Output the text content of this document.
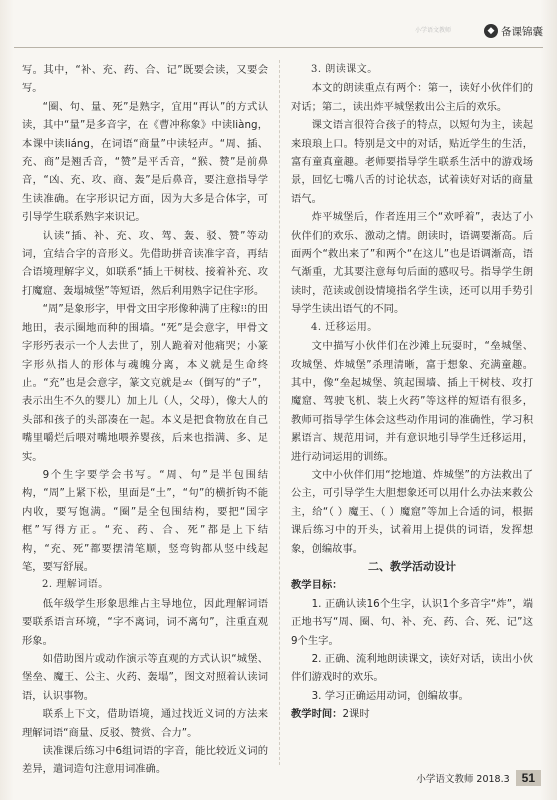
小学语文教师	◆ 备课锦囊

写。其中，“补、充、药、合、记”既要会读，又要会写。

“圈、句、量、死”是熟字，宜用“再认”的方式认读，其中“量”是多音字，在《曹冲称象》中读liàng，本课中读liáng，在词语“商量”中读轻声。“周、插、充、商”是翘舌音，“赞”是平舌音，“猴、赞”是前鼻音，“凶、充、攻、商、轰”是后鼻音，要注意指导学生读准确。在字形识记方面，因为大多是合体字，可引导学生联系熟字来识记。

认读“插、补、充、攻、驾、轰、驳、赞”等动词，宜结合字的音形义。先借助拼音读准字音，再结合语境理解字义，如联系“插上干树枝、接着补充、攻打魔窟、轰塌城堡”等短语，然后利用熟字记住字形。

“周”是象形字，甲骨文田字形像种满了庄稼⁝⁝的田地田，表示圈地而种的围墙。“死”是会意字，甲骨文字形㱙表示一个人去世了，别人跪着对他痛哭；小篆字形𣦸指人的形体与魂魄分离，本义就是生命终止。“充”也是会意字，篆文𠑽就是𠫓（倒写的“子”，表示出生不久的婴儿）加上儿（人，父母），像大人的头部和孩子的头部凑在一起。本义是把食物放在自己嘴里嚼烂后喂对嘴地喂养婴孩，后来也指满、多、足实。

9个生字要学会书写。“周、句”是半包围结构，“周”上紧下松，里面是“土”，“句”的横折钩不能内收，要写饱满。“圈”是全包围结构，要把“国字框”写得方正。“充、药、合、死”都是上下结构，“充、死”都要摆清笔顺，竖弯钩都从竖中线起笔，要写舒展。

2. 理解词语。

低年级学生形象思维占主导地位，因此理解词语要联系语言环境，“字不离词，词不离句”，注重直观形象。

如借助图片或动作演示等直观的方式认识“城堡、堡垒、魔王、公主、火药、轰塌”，图文对照着认读词语，认识事物。

联系上下文，借助语境，通过找近义词的方法来理解词语“商量、反驳、赞赏、合力”。

读准课后练习中6组词语的字音，能比较近义词的差异，遣词造句注意用词准确。

3. 朗读课文。

本文的朗读重点有两个：第一，读好小伙伴们的对话；第二，读出炸平城堡救出公主后的欢乐。

课文语言很符合孩子的特点，以短句为主，读起来琅琅上口。特别是文中的对话，贴近学生的生活，富有童真童趣。老师要指导学生联系生活中的游戏场景，回忆七嘴八舌的讨论状态，试着读好对话的商量语气。

炸平城堡后，作者连用三个“欢呼着”，表达了小伙伴们的欢乐、激动之情。朗读时，语调要渐高。后面两个“救出来了”和两个“在这儿”也是语调渐高，语气渐重，尤其要注意每句后面的感叹号。指导学生朗读时，范读或创设情境指名学生读，还可以用手势引导学生读出语气的不同。

4. 迁移运用。

文中描写小伙伴们在沙滩上玩耍时，“垒城堡、攻城堡、炸城堡”杀理清晰，富于想象、充满童趣。其中，像“垒起城堡、筑起围墙、插上干树枝、攻打魔窟、驾驶飞机、装上火药”等这样的短语有很多，教师可指导学生体会这些动作用词的准确性，学习积累语言、规范用词，并有意识地引导学生迁移运用，进行动词运用的训练。

文中小伙伴们用“挖地道、炸城堡”的方法救出了公主，可引导学生大胆想象还可以用什么办法来救公主，给“（ ）魔王、（ ）魔窟”等加上合适的词，根据课后练习中的开头，试着用上提供的词语，发挥想象，创编故事。

二、教学活动设计

教学目标：

1. 正确认读16个生字，认识1个多音字“炸”，端正地书写“周、圈、句、补、充、药、合、死、记”这9个生字。

2. 正确、流利地朗读课文，读好对话，读出小伙伴们游戏时的欢乐。

3. 学习正确运用动词，创编故事。

教学时间：2课时

小学语文教师 2018.3	51
